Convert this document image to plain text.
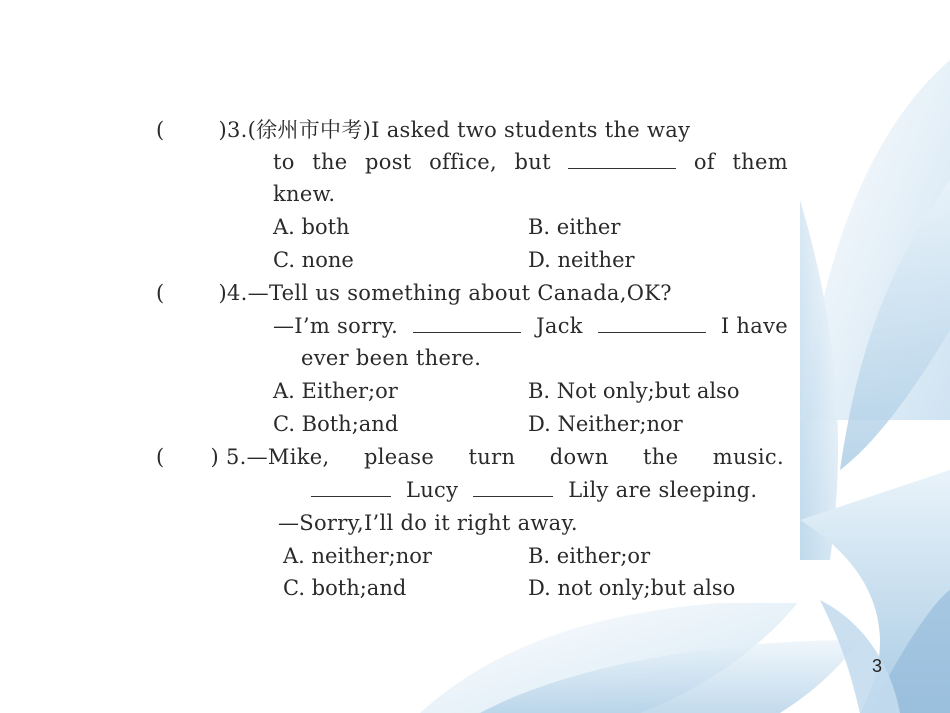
(	)3.(徐州市中考)I asked two students the way
to the post office, but	of them
knew.
A. both	B. either
C. none	D. neither
(	)4.—Tell us something about Canada,OK?
—I’m sorry.	Jack	I have
ever been there.
A. Either;or	B. Not only;but also
C. Both;and	D. Neither;nor
( ) 5.—Mike, please turn down the music.
Lucy	Lily are sleeping.
—Sorry,I’ll do it right away.
A. neither;nor	B. either;or
C. both;and	D. not only;but also
3
